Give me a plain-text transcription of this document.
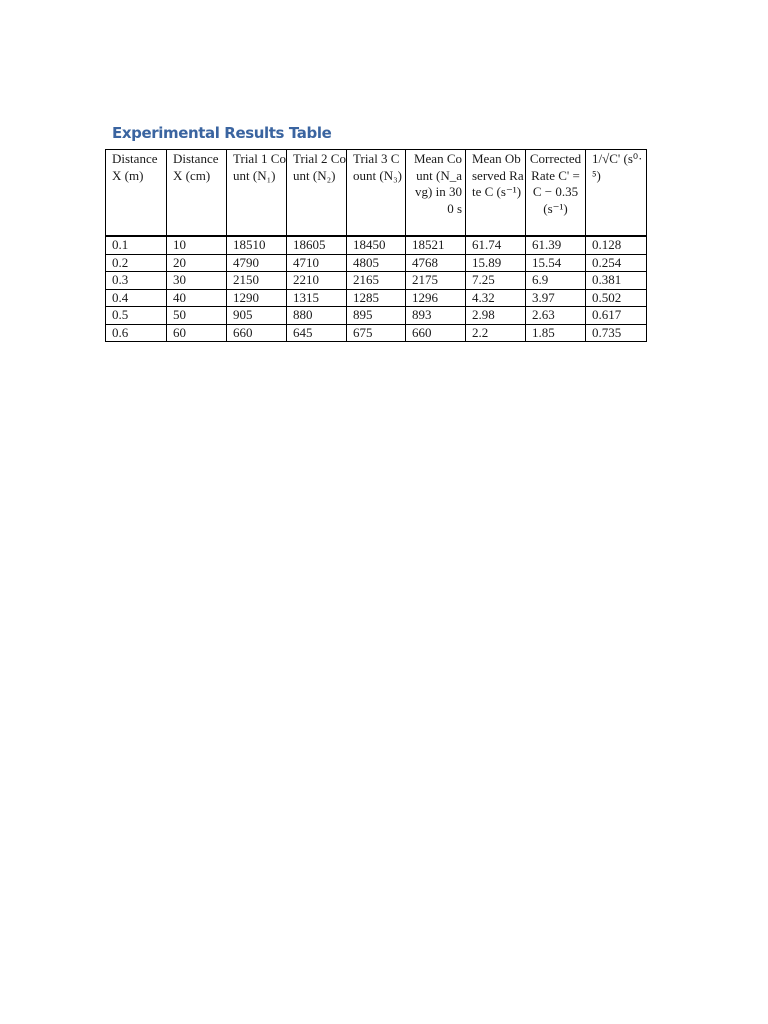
Experimental Results Table
Distance X (m)	Distance X (cm)	Trial 1 Count (N₁)	Trial 2 Count (N₂)	Trial 3 Count (N₃)	Mean Count (N_avg) in 300 s	Mean Observed Rate C (s⁻¹)	Corrected Rate C' = C − 0.35 (s⁻¹)	1/√C' (s⁰·⁵)
0.1	10	18510	18605	18450	18521	61.74	61.39	0.128
0.2	20	4790	4710	4805	4768	15.89	15.54	0.254
0.3	30	2150	2210	2165	2175	7.25	6.9	0.381
0.4	40	1290	1315	1285	1296	4.32	3.97	0.502
0.5	50	905	880	895	893	2.98	2.63	0.617
0.6	60	660	645	675	660	2.2	1.85	0.735
